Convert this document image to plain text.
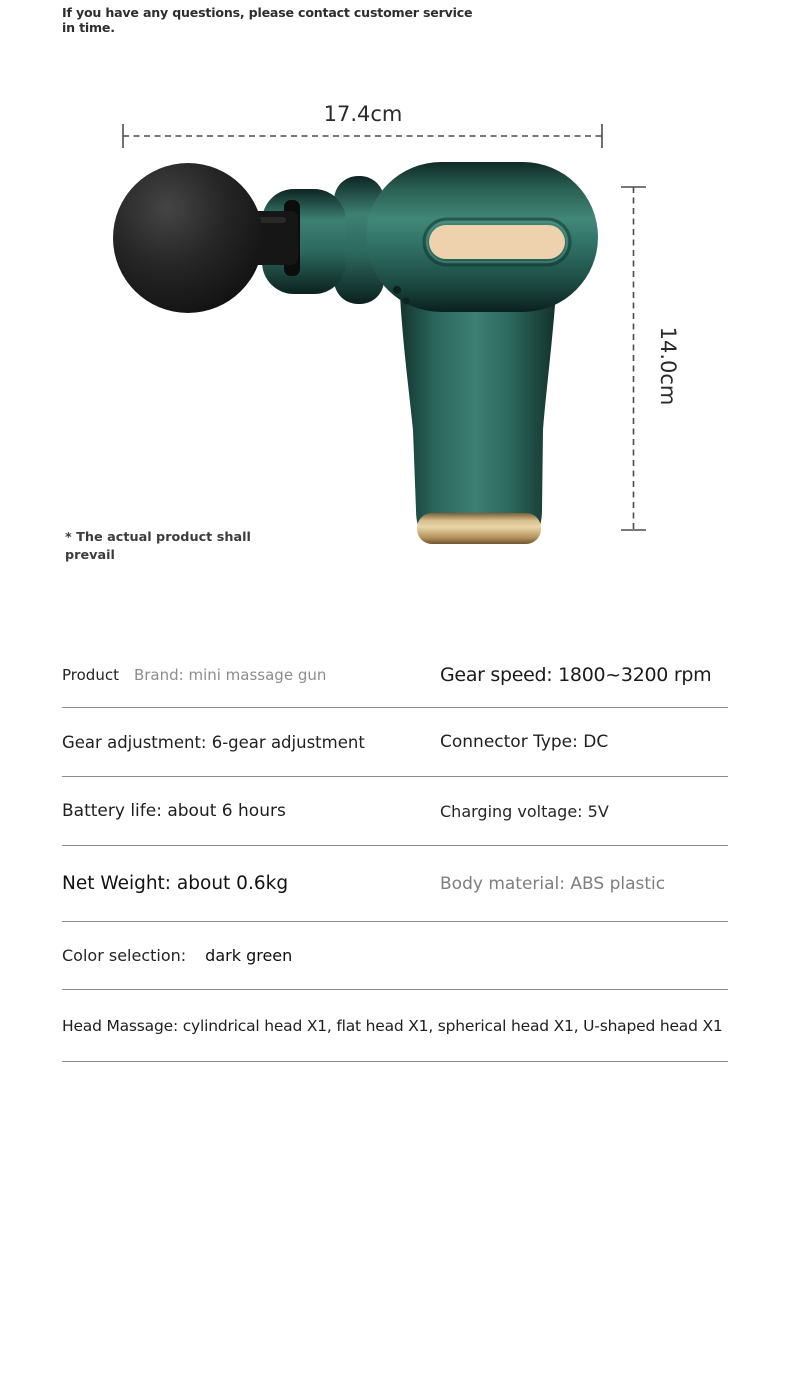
If you have any questions, please contact customer service
in time.
17.4cm
14.0cm
* The actual product shall
prevail
Product Brand: mini massage gun	Gear speed: 1800~3200 rpm
Gear adjustment: 6-gear adjustment	Connector Type: DC
Battery life: about 6 hours	Charging voltage: 5V
Net Weight: about 0.6kg	Body material: ABS plastic
Color selection: dark green
Head Massage: cylindrical head X1, flat head X1, spherical head X1, U-shaped head X1
